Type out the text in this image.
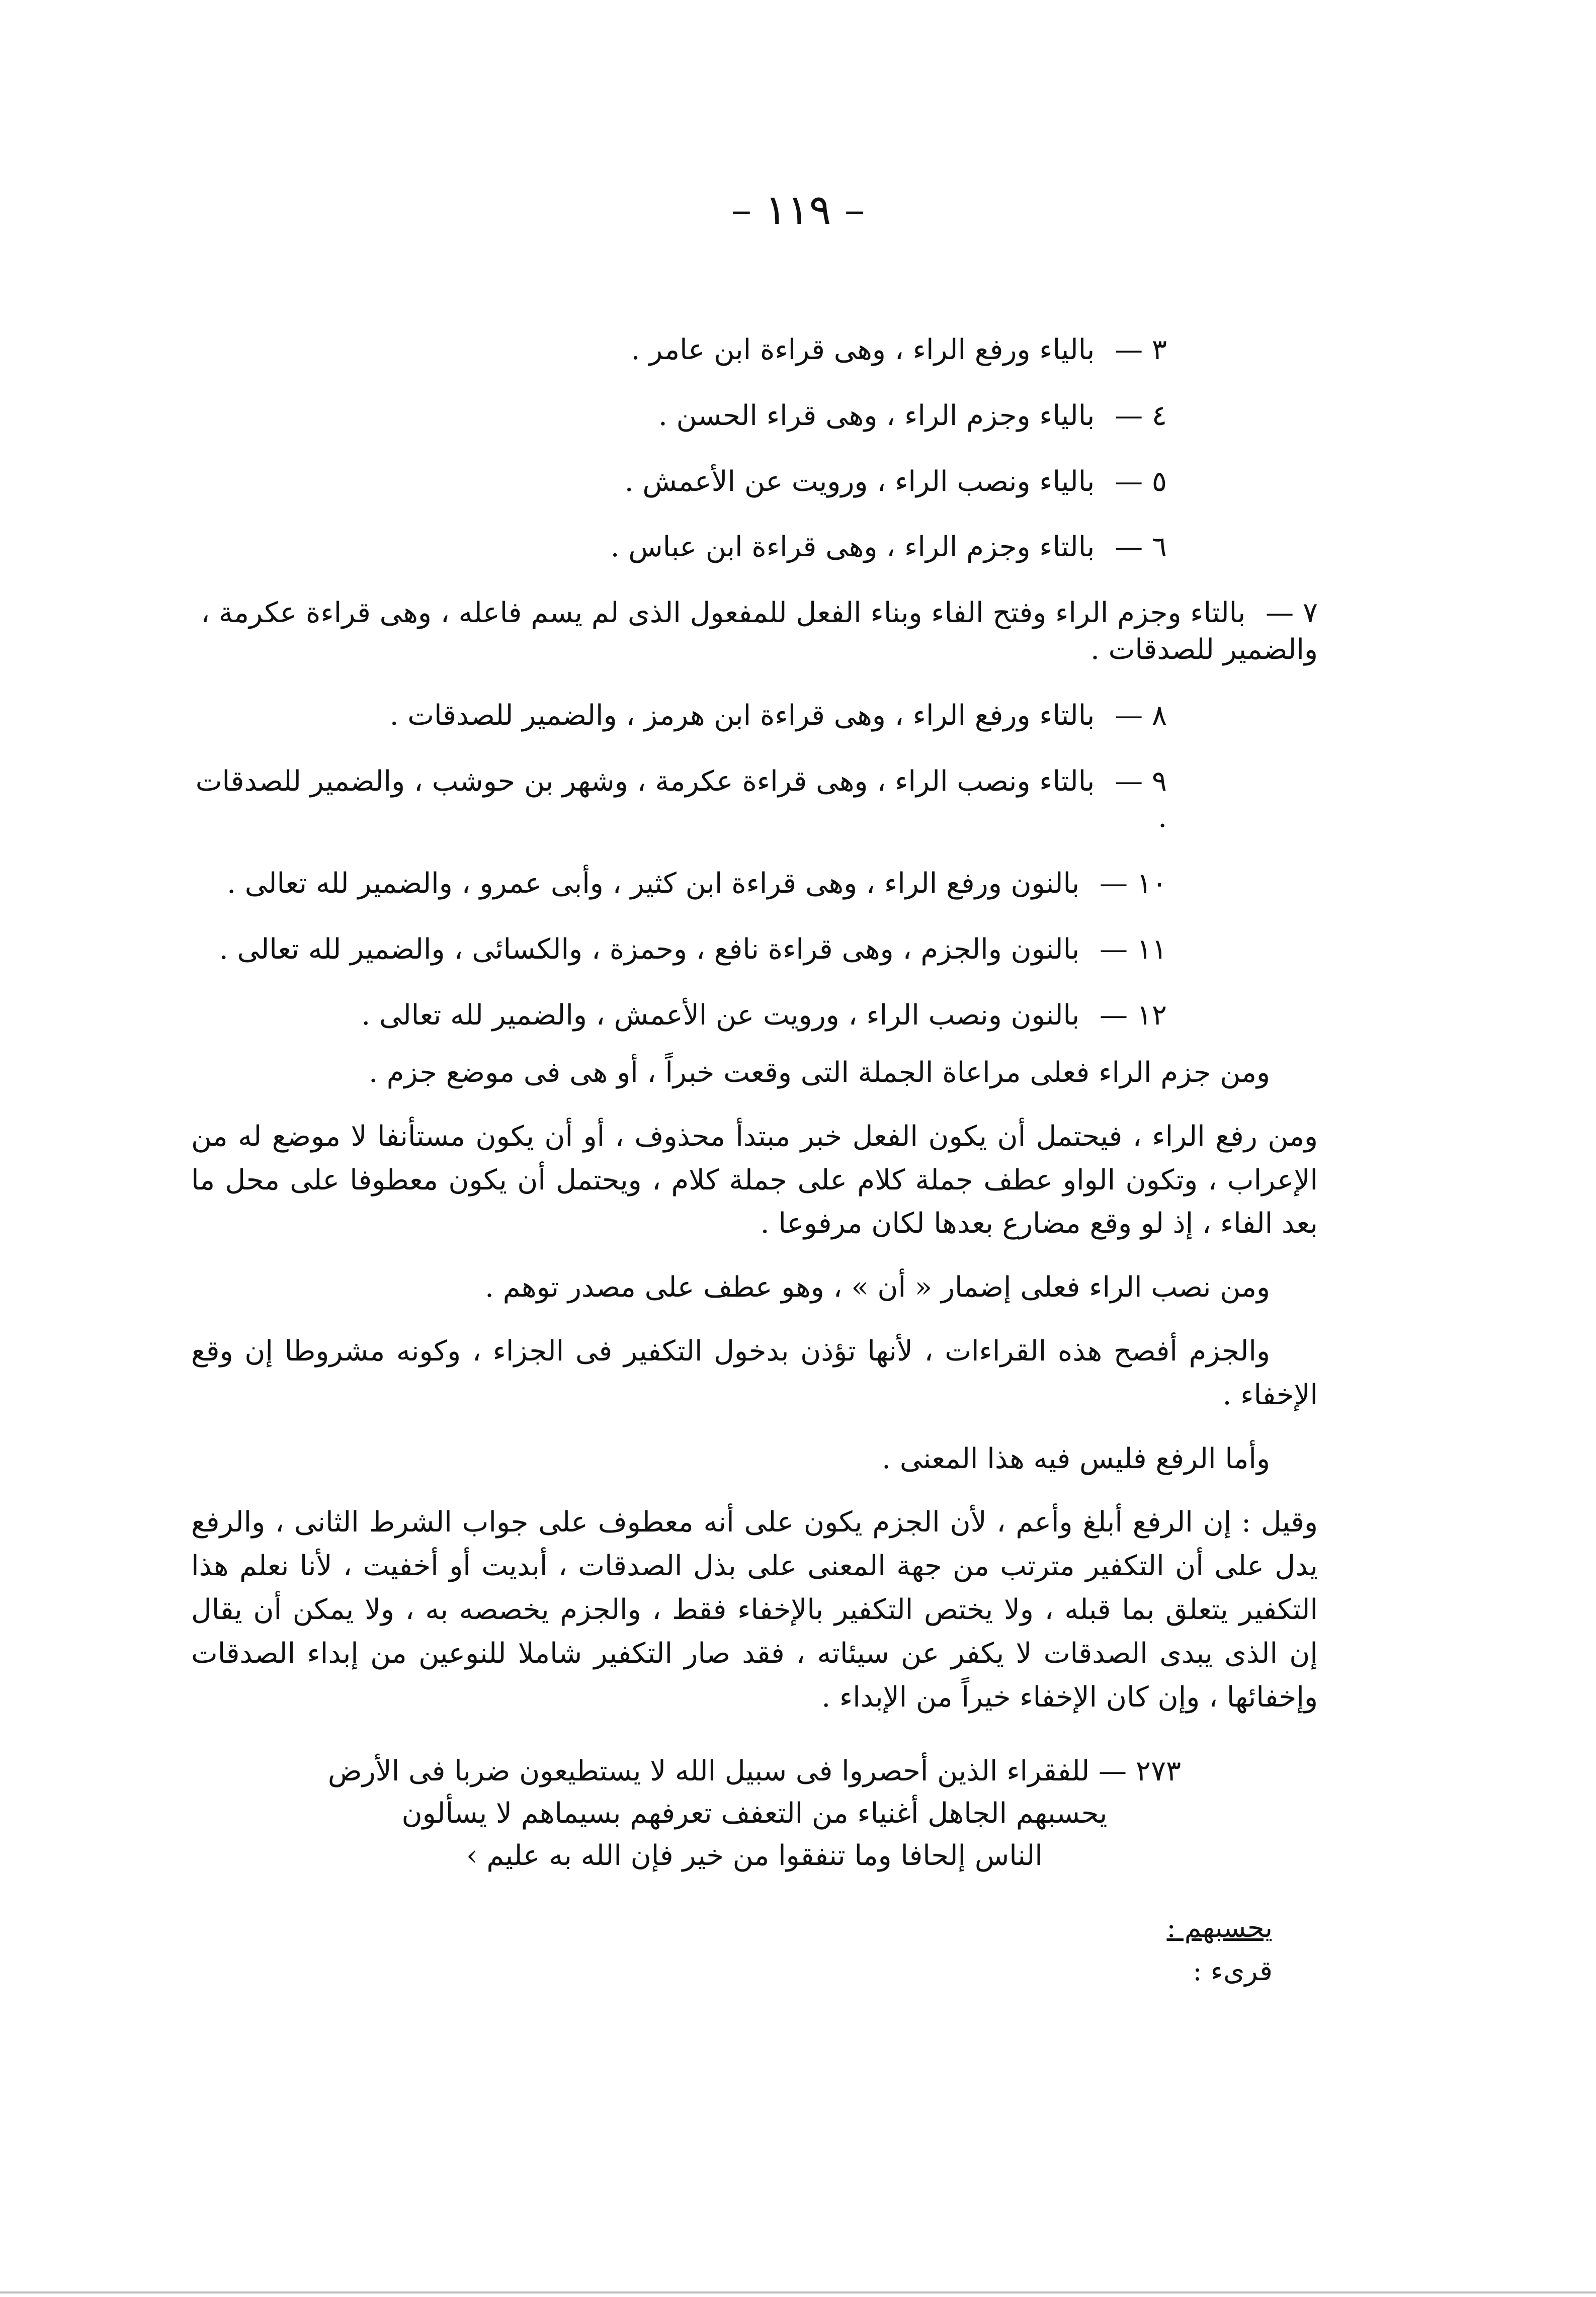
– ١١٩ –
٣ — بالياء ورفع الراء ، وهى قراءة ابن عامر .
٤ — بالياء وجزم الراء ، وهى قراء الحسن .
٥ — بالياء ونصب الراء ، ورويت عن الأعمش .
٦ — بالتاء وجزم الراء ، وهى قراءة ابن عباس .
٧ — بالتاء وجزم الراء وفتح الفاء وبناء الفعل للمفعول الذى لم يسم فاعله ، وهى قراءة عكرمة ، والضمير للصدقات .
٨ — بالتاء ورفع الراء ، وهى قراءة ابن هرمز ، والضمير للصدقات .
٩ — بالتاء ونصب الراء ، وهى قراءة عكرمة ، وشهر بن حوشب ، والضمير للصدقات .
١٠ — بالنون ورفع الراء ، وهى قراءة ابن كثير ، وأبى عمرو ، والضمير لله تعالى .
١١ — بالنون والجزم ، وهى قراءة نافع ، وحمزة ، والكسائى ، والضمير لله تعالى .
١٢ — بالنون ونصب الراء ، ورويت عن الأعمش ، والضمير لله تعالى .

ومن جزم الراء فعلى مراعاة الجملة التى وقعت خبراً ، أو هى فى موضع جزم .

ومن رفع الراء ، فيحتمل أن يكون الفعل خبر مبتدأ محذوف ، أو أن يكون مستأنفا لا موضع له من الإعراب ، وتكون الواو عطف جملة كلام على جملة كلام ، ويحتمل أن يكون معطوفا على محل ما بعد الفاء ، إذ لو وقع مضارع بعدها لكان مرفوعا .

ومن نصب الراء فعلى إضمار « أن » ، وهو عطف على مصدر توهم .

والجزم أفصح هذه القراءات ، لأنها تؤذن بدخول التكفير فى الجزاء ، وكونه مشروطا إن وقع الإخفاء .

وأما الرفع فليس فيه هذا المعنى .

وقيل : إن الرفع أبلغ وأعم ، لأن الجزم يكون على أنه معطوف على جواب الشرط الثانى ، والرفع يدل على أن التكفير مترتب من جهة المعنى على بذل الصدقات ، أبديت أو أخفيت ، لأنا نعلم هذا التكفير يتعلق بما قبله ، ولا يختص التكفير بالإخفاء فقط ، والجزم يخصصه به ، ولا يمكن أن يقال إن الذى يبدى الصدقات لا يكفر عن سيئاته ، فقد صار التكفير شاملا للنوعين من إبداء الصدقات وإخفائها ، وإن كان الإخفاء خيراً من الإبداء .

٢٧٣ — للفقراء الذين أحصروا فى سبيل الله لا يستطيعون ضربا فى الأرض
يحسبهم الجاهل أغنياء من التعفف تعرفهم بسيماهم لا يسألون
الناس إلحافا وما تنفقوا من خير فإن الله به عليم ›
يحسبهم :
قرىء :
